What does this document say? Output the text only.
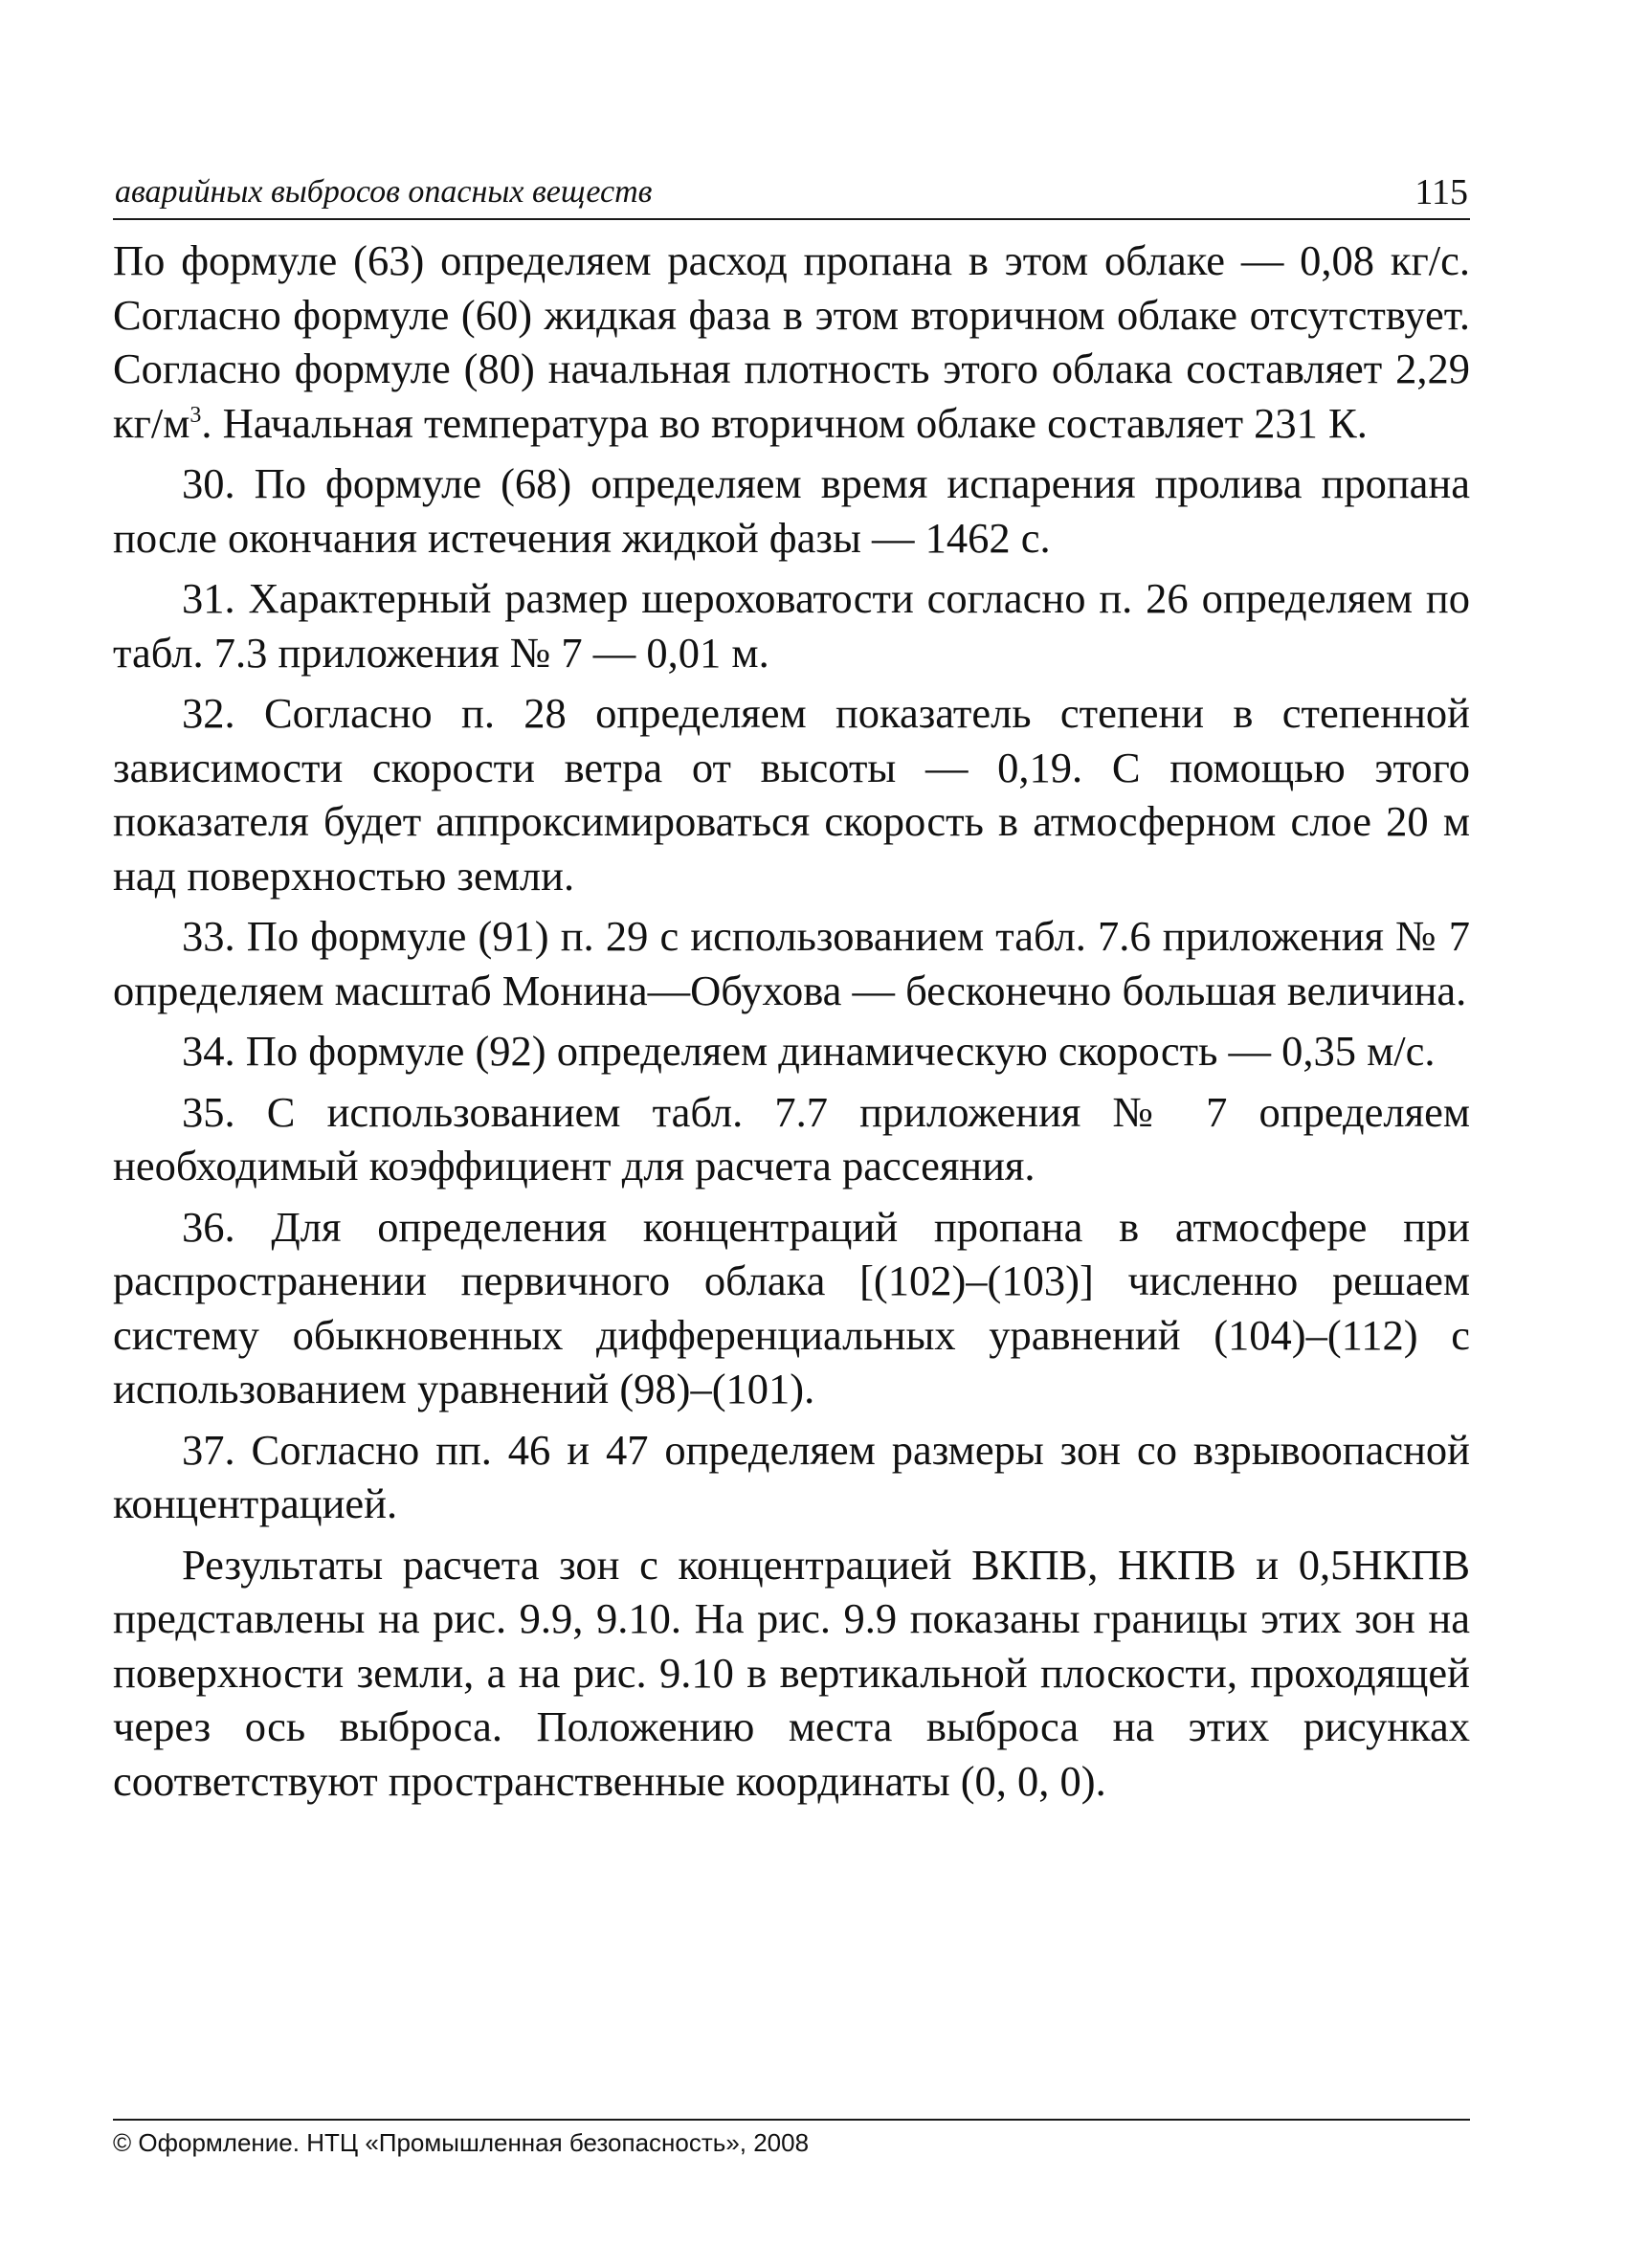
аварийных выбросов опасных веществ	115

По формуле (63) определяем расход пропана в этом облаке — 0,08 кг/с. Согласно формуле (60) жидкая фаза в этом вторичном облаке отсутствует. Согласно формуле (80) начальная плотность этого облака составляет 2,29 $кг/м^3$. Начальная температура во вторичном облаке составляет 231 К.

30. По формуле (68) определяем время испарения пролива пропана после окончания истечения жидкой фазы — 1462 с.

31. Характерный размер шероховатости согласно п. 26 определяем по табл. 7.3 приложения № 7 — 0,01 м.

32. Согласно п. 28 определяем показатель степени в степенной зависимости скорости ветра от высоты — 0,19. С помощью этого показателя будет аппроксимироваться скорость в атмосферном слое 20 м над поверхностью земли.

33. По формуле (91) п. 29 с использованием табл. 7.6 приложения № 7 определяем масштаб Монина—Обухова — бесконечно большая величина.

34. По формуле (92) определяем динамическую скорость — 0,35 м/с.

35. С использованием табл. 7.7 приложения № 7 определяем необходимый коэффициент для расчета рассеяния.

36. Для определения концентраций пропана в атмосфере при распространении первичного облака [(102)–(103)] численно решаем систему обыкновенных дифференциальных уравнений (104)–(112) с использованием уравнений (98)–(101).

37. Согласно пп. 46 и 47 определяем размеры зон со взрывоопасной концентрацией.

Результаты расчета зон с концентрацией ВКПВ, НКПВ и 0,5НКПВ представлены на рис. 9.9, 9.10. На рис. 9.9 показаны границы этих зон на поверхности земли, а на рис. 9.10 в вертикальной плоскости, проходящей через ось выброса. Положению места выброса на этих рисунках соответствуют пространственные координаты (0, 0, 0).

© Оформление. НТЦ «Промышленная безопасность», 2008
